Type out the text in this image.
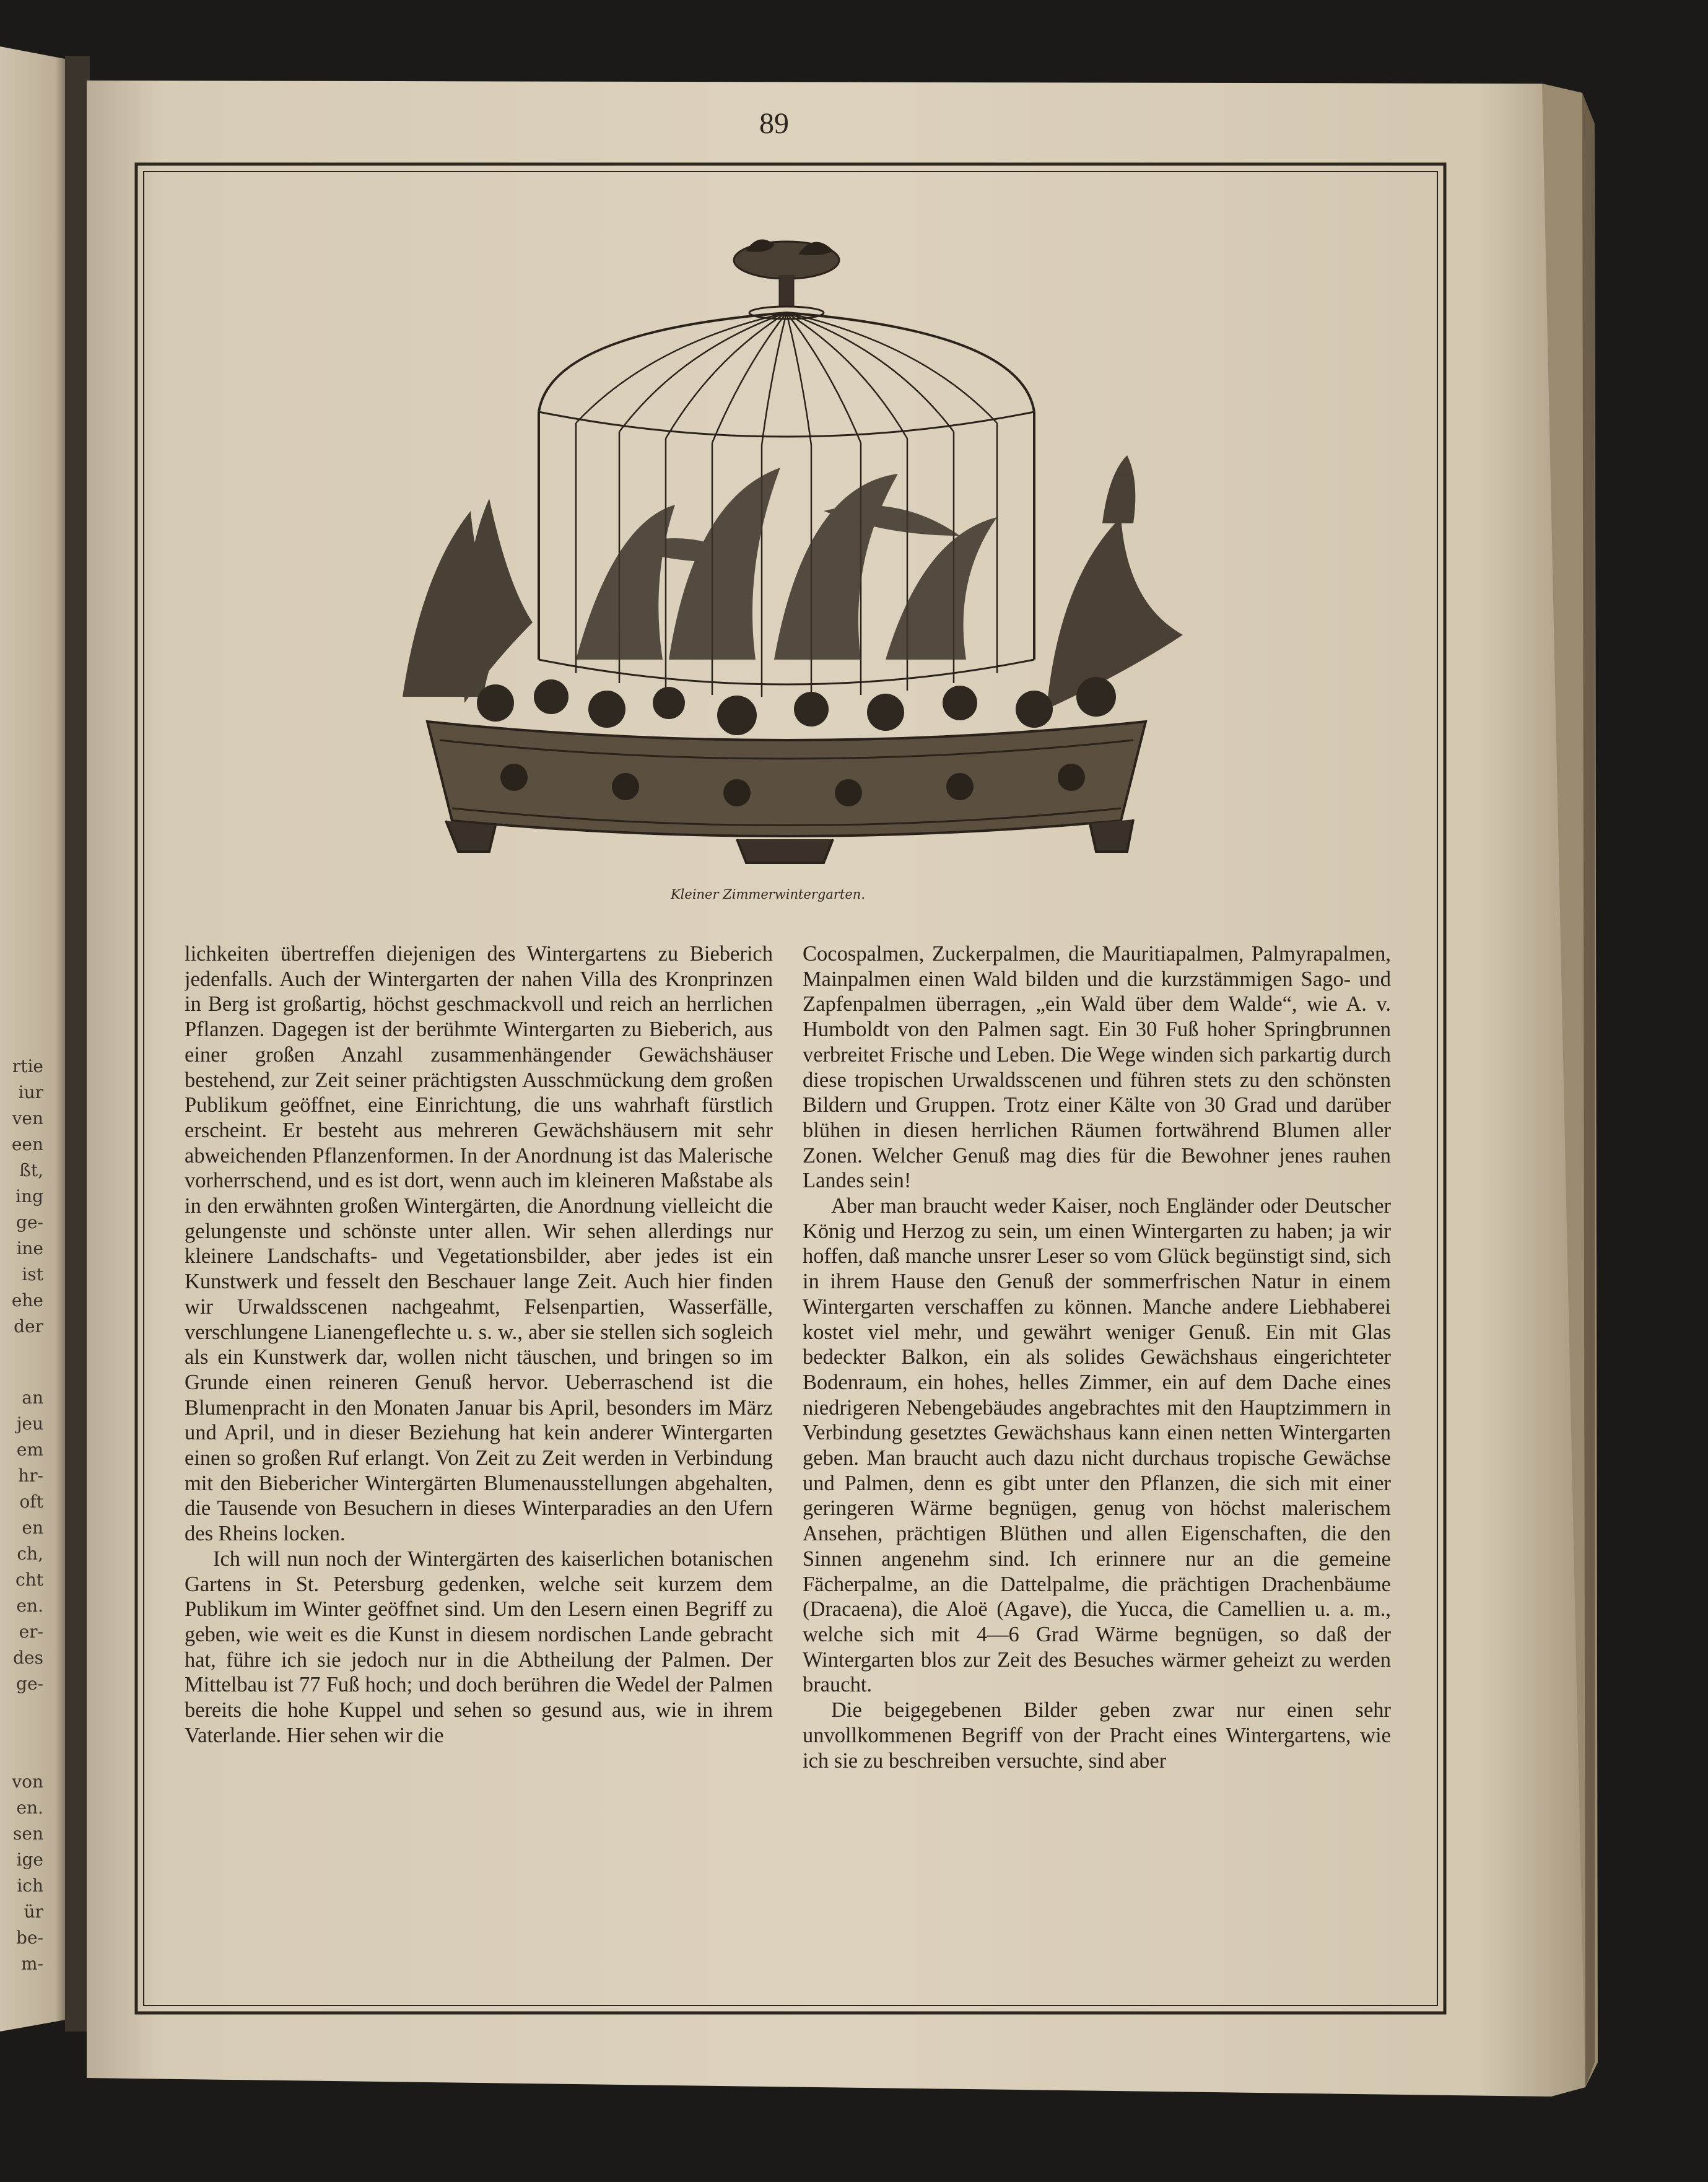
rtie
iur
ven
een
ßt,
ing
ge-
ine
ist
ehe
der
an
jeu
em
hr-
oft
en
ch,
cht
en.
er-
des
ge-
von
en.
sen
ige
ich
ür
be-
m-
89
Kleiner Zimmerwintergarten.

lichkeiten übertreffen diejenigen des Wintergartens zu Bieberich jedenfalls. Auch der Wintergarten der nahen Villa des Kronprinzen in Berg ist großartig, höchst geschmackvoll und reich an herrlichen Pflanzen. Dagegen ist der berühmte Wintergarten zu Bieberich, aus einer großen Anzahl zusammenhängender Gewächshäuser bestehend, zur Zeit seiner prächtigsten Ausschmückung dem großen Publikum geöffnet, eine Einrichtung, die uns wahrhaft fürstlich erscheint. Er besteht aus mehreren Gewächshäusern mit sehr abweichenden Pflanzenformen. In der Anordnung ist das Malerische vorherrschend, und es ist dort, wenn auch im kleineren Maßstabe als in den erwähnten großen Wintergärten, die Anordnung vielleicht die gelungenste und schönste unter allen. Wir sehen allerdings nur kleinere Landschafts- und Vegetationsbilder, aber jedes ist ein Kunstwerk und fesselt den Beschauer lange Zeit. Auch hier finden wir Urwaldsscenen nachgeahmt, Felsenpartien, Wasserfälle, verschlungene Lianengeflechte u. s. w., aber sie stellen sich sogleich als ein Kunstwerk dar, wollen nicht täuschen, und bringen so im Grunde einen reineren Genuß hervor. Ueberraschend ist die Blumenpracht in den Monaten Januar bis April, besonders im März und April, und in dieser Beziehung hat kein anderer Wintergarten einen so großen Ruf erlangt. Von Zeit zu Zeit werden in Verbindung mit den Biebericher Wintergärten Blumenausstellungen abgehalten, die Tausende von Besuchern in dieses Winterparadies an den Ufern des Rheins locken.

Ich will nun noch der Wintergärten des kaiserlichen botanischen Gartens in St. Petersburg gedenken, welche seit kurzem dem Publikum im Winter geöffnet sind. Um den Lesern einen Begriff zu geben, wie weit es die Kunst in diesem nordischen Lande gebracht hat, führe ich sie jedoch nur in die Abtheilung der Palmen. Der Mittelbau ist 77 Fuß hoch; und doch berühren die Wedel der Palmen bereits die hohe Kuppel und sehen so gesund aus, wie in ihrem Vaterlande. Hier sehen wir die

Cocospalmen, Zuckerpalmen, die Mauritiapalmen, Palmyrapalmen, Mainpalmen einen Wald bilden und die kurzstämmigen Sago- und Zapfenpalmen überragen, „ein Wald über dem Walde“, wie A. v. Humboldt von den Palmen sagt. Ein 30 Fuß hoher Springbrunnen verbreitet Frische und Leben. Die Wege winden sich parkartig durch diese tropischen Urwaldsscenen und führen stets zu den schönsten Bildern und Gruppen. Trotz einer Kälte von 30 Grad und darüber blühen in diesen herrlichen Räumen fortwährend Blumen aller Zonen. Welcher Genuß mag dies für die Bewohner jenes rauhen Landes sein!

Aber man braucht weder Kaiser, noch Engländer oder Deutscher König und Herzog zu sein, um einen Wintergarten zu haben; ja wir hoffen, daß manche unsrer Leser so vom Glück begünstigt sind, sich in ihrem Hause den Genuß der sommerfrischen Natur in einem Wintergarten verschaffen zu können. Manche andere Liebhaberei kostet viel mehr, und gewährt weniger Genuß. Ein mit Glas bedeckter Balkon, ein als solides Gewächshaus eingerichteter Bodenraum, ein hohes, helles Zimmer, ein auf dem Dache eines niedrigeren Nebengebäudes angebrachtes mit den Hauptzimmern in Verbindung gesetztes Gewächshaus kann einen netten Wintergarten geben. Man braucht auch dazu nicht durchaus tropische Gewächse und Palmen, denn es gibt unter den Pflanzen, die sich mit einer geringeren Wärme begnügen, genug von höchst malerischem Ansehen, prächtigen Blüthen und allen Eigenschaften, die den Sinnen angenehm sind. Ich erinnere nur an die gemeine Fächerpalme, an die Dattelpalme, die prächtigen Drachenbäume (Dracaena), die Aloë (Agave), die Yucca, die Camellien u. a. m., welche sich mit 4—6 Grad Wärme begnügen, so daß der Wintergarten blos zur Zeit des Besuches wärmer geheizt zu werden braucht.

Die beigegebenen Bilder geben zwar nur einen sehr unvollkommenen Begriff von der Pracht eines Wintergartens, wie ich sie zu beschreiben versuchte, sind aber
